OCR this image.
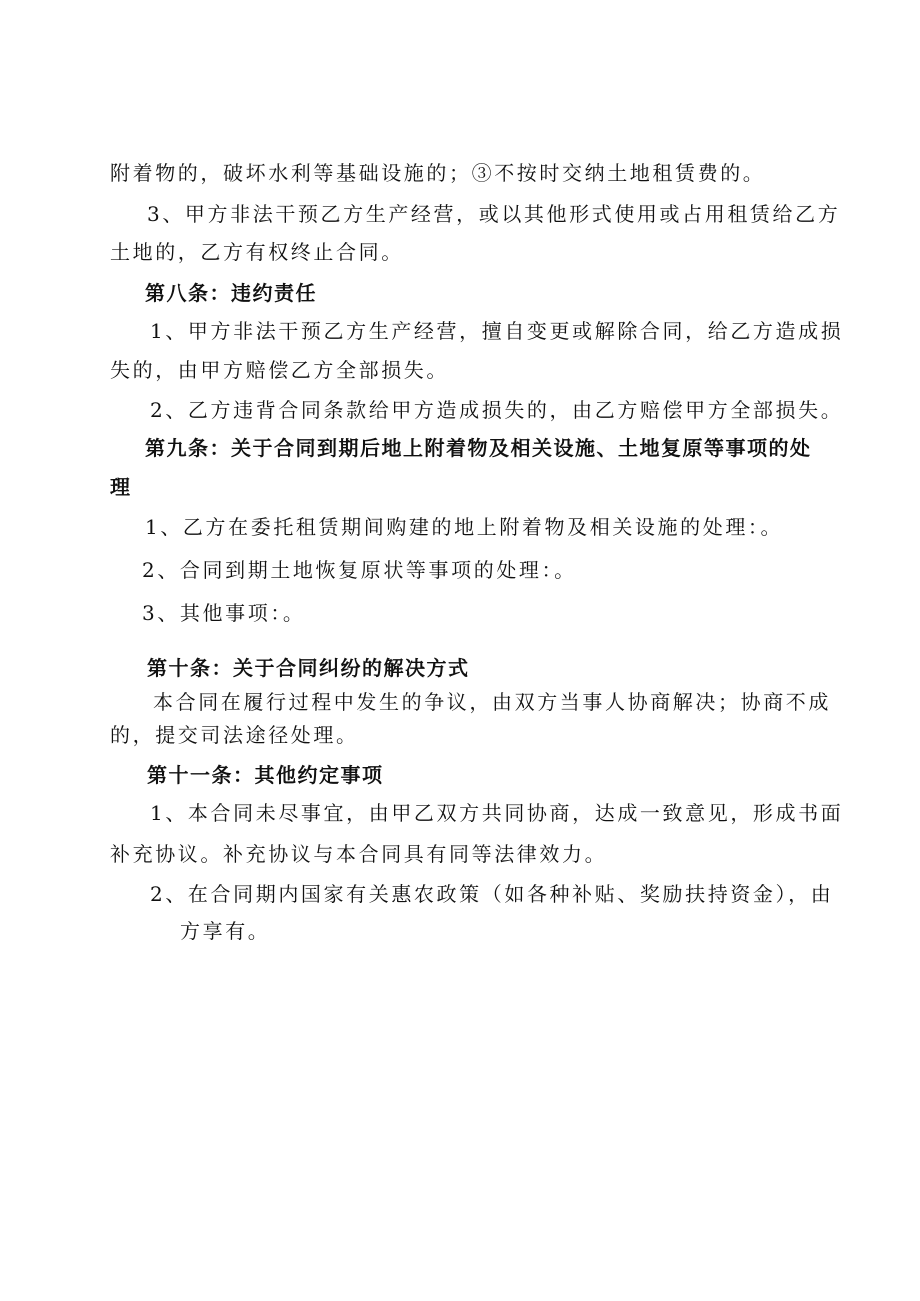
附着物的，破坏水利等基础设施的；③不按时交纳土地租赁费的。
3、甲方非法干预乙方生产经营，或以其他形式使用或占用租赁给乙方
土地的，乙方有权终止合同。
第八条：违约责任
1、甲方非法干预乙方生产经营，擅自变更或解除合同，给乙方造成损
失的，由甲方赔偿乙方全部损失。
2、乙方违背合同条款给甲方造成损失的，由乙方赔偿甲方全部损失。
第九条：关于合同到期后地上附着物及相关设施、土地复原等事项的处
理
1、乙方在委托租赁期间购建的地上附着物及相关设施的处理：。
2、合同到期土地恢复原状等事项的处理：。
3、其他事项：。
第十条：关于合同纠纷的解决方式
本合同在履行过程中发生的争议，由双方当事人协商解决；协商不成
的，提交司法途径处理。
第十一条：其他约定事项
1、本合同未尽事宜，由甲乙双方共同协商，达成一致意见，形成书面
补充协议。补充协议与本合同具有同等法律效力。
2、在合同期内国家有关惠农政策（如各种补贴、奖励扶持资金），由
方享有。
